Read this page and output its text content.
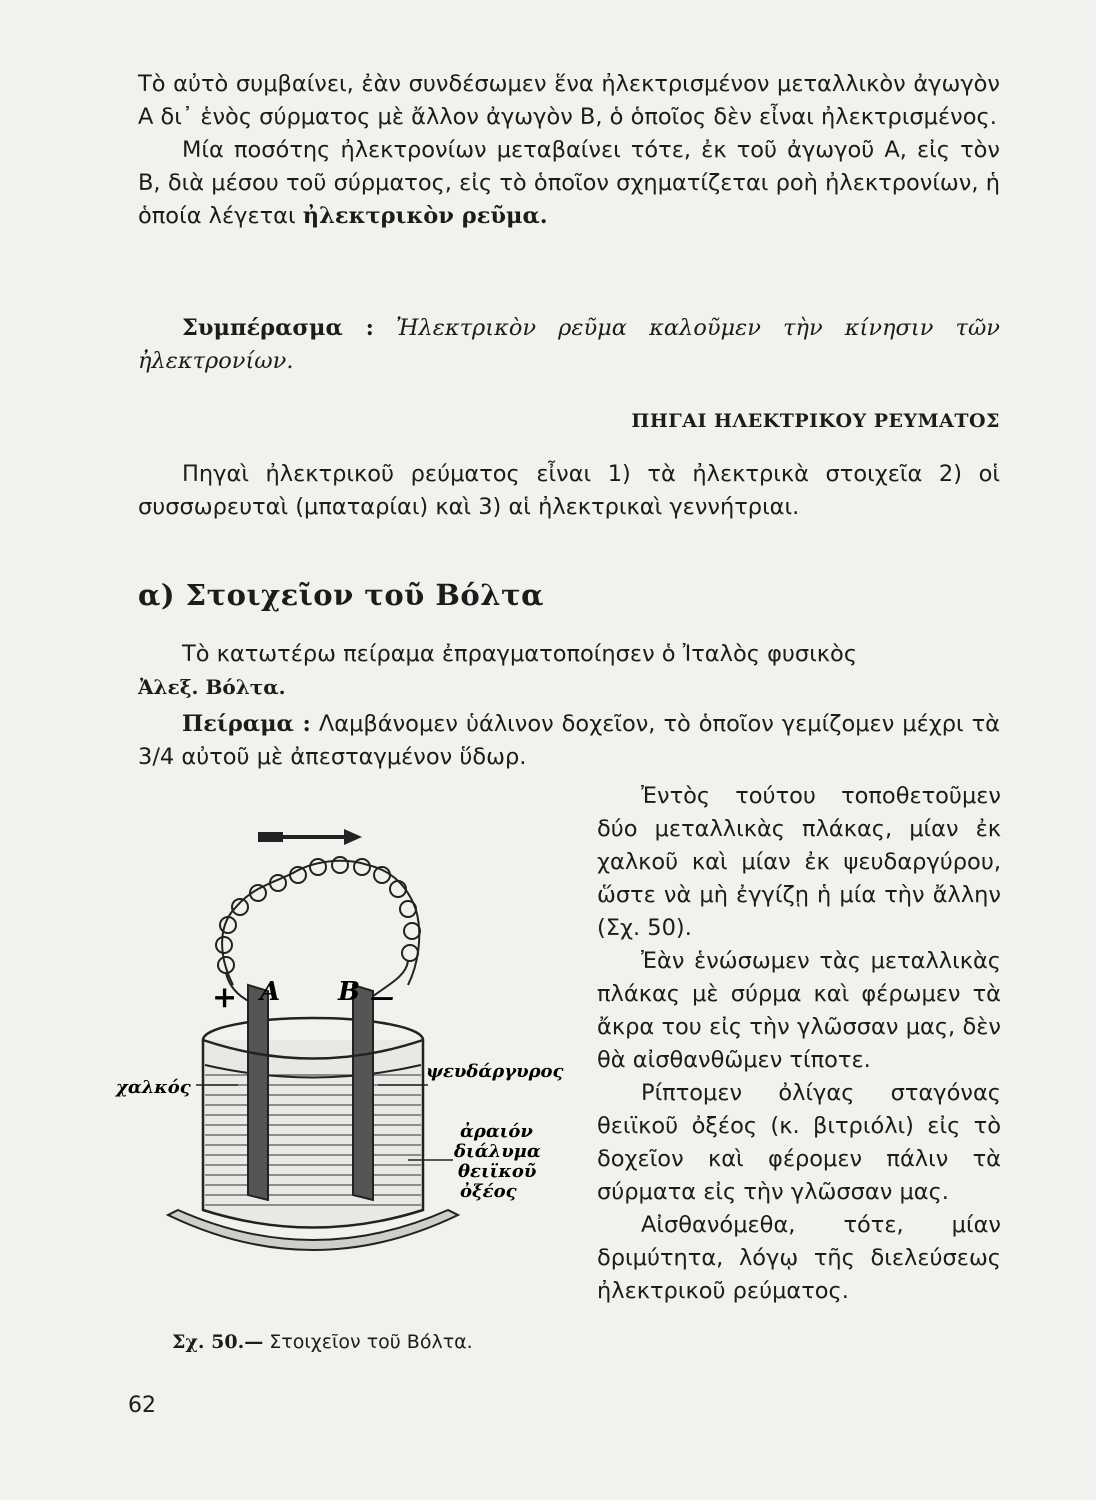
Τὸ αὐτὸ συμβαίνει, ἐὰν συνδέσωμεν ἕνα ἠλεκτρισμένον μεταλλικὸν ἀγωγὸν Α δι᾽ ἑνὸς σύρματος μὲ ἄλλον ἀγωγὸν Β, ὁ ὁποῖος δὲν εἶναι ἠλεκτρισμένος.

Μία ποσότης ἠλεκτρονίων μεταβαίνει τότε, ἐκ τοῦ ἀγωγοῦ Α, εἰς τὸν Β, διὰ μέσου τοῦ σύρματος, εἰς τὸ ὁποῖον σχηματίζεται ροὴ ἠλεκτρονίων, ἡ ὁποία λέγεται ἠλεκτρικὸν ρεῦμα.

Συμπέρασμα : Ἠλεκτρικὸν ρεῦμα καλοῦμεν τὴν κίνησιν τῶν ἠλεκτρονίων.

ΠΗΓΑΙ ΗΛΕΚΤΡΙΚΟΥ ΡΕΥΜΑΤΟΣ

Πηγαὶ ἠλεκτρικοῦ ρεύματος εἶναι 1) τὰ ἠλεκτρικὰ στοιχεῖα 2) οἱ συσσωρευταὶ (μπαταρίαι) καὶ 3) αἱ ἠλεκτρικαὶ γεννήτριαι.

α) Στοιχεῖον τοῦ Βόλτα

Τὸ κατωτέρω πείραμα ἐπραγματοποίησεν ὁ Ἰταλὸς φυσικὸς
Ἀλεξ. Βόλτα.

Πείραμα : Λαμβάνομεν ὑάλινον δοχεῖον, τὸ ὁποῖον γεμίζομεν μέχρι τὰ 3/4 αὐτοῦ μὲ ἀπεσταγμένον ὕδωρ.

Ἐντὸς τούτου τοποθετοῦμεν δύο μεταλλικὰς πλάκας, μίαν ἐκ χαλκοῦ καὶ μίαν ἐκ ψευδαργύρου, ὥστε νὰ μὴ ἐγγίζῃ ἡ μία τὴν ἄλλην (Σχ. 50).

Ἐὰν ἑνώσωμεν τὰς μεταλλικὰς πλάκας μὲ σύρμα καὶ φέρωμεν τὰ ἄκρα του εἰς τὴν γλῶσσαν μας, δὲν θὰ αἰσθανθῶμεν τίποτε.

Ρίπτομεν ὀλίγας σταγόνας θειϊκοῦ ὀξέος (κ. βιτριόλι) εἰς τὸ δοχεῖον καὶ φέρομεν πάλιν τὰ σύρματα εἰς τὴν γλῶσσαν μας.

Αἰσθανόμεθα, τότε, μίαν δριμύτητα, λόγῳ τῆς διελεύσεως ἠλεκτρικοῦ ρεύματος.

+ A B —
χαλκός
ψευδάργυρος
ἀραιόν
διάλυμα
θειϊκοῦ
ὀξέος
Σχ. 50.— Στοιχεῖον τοῦ Βόλτα.
62
